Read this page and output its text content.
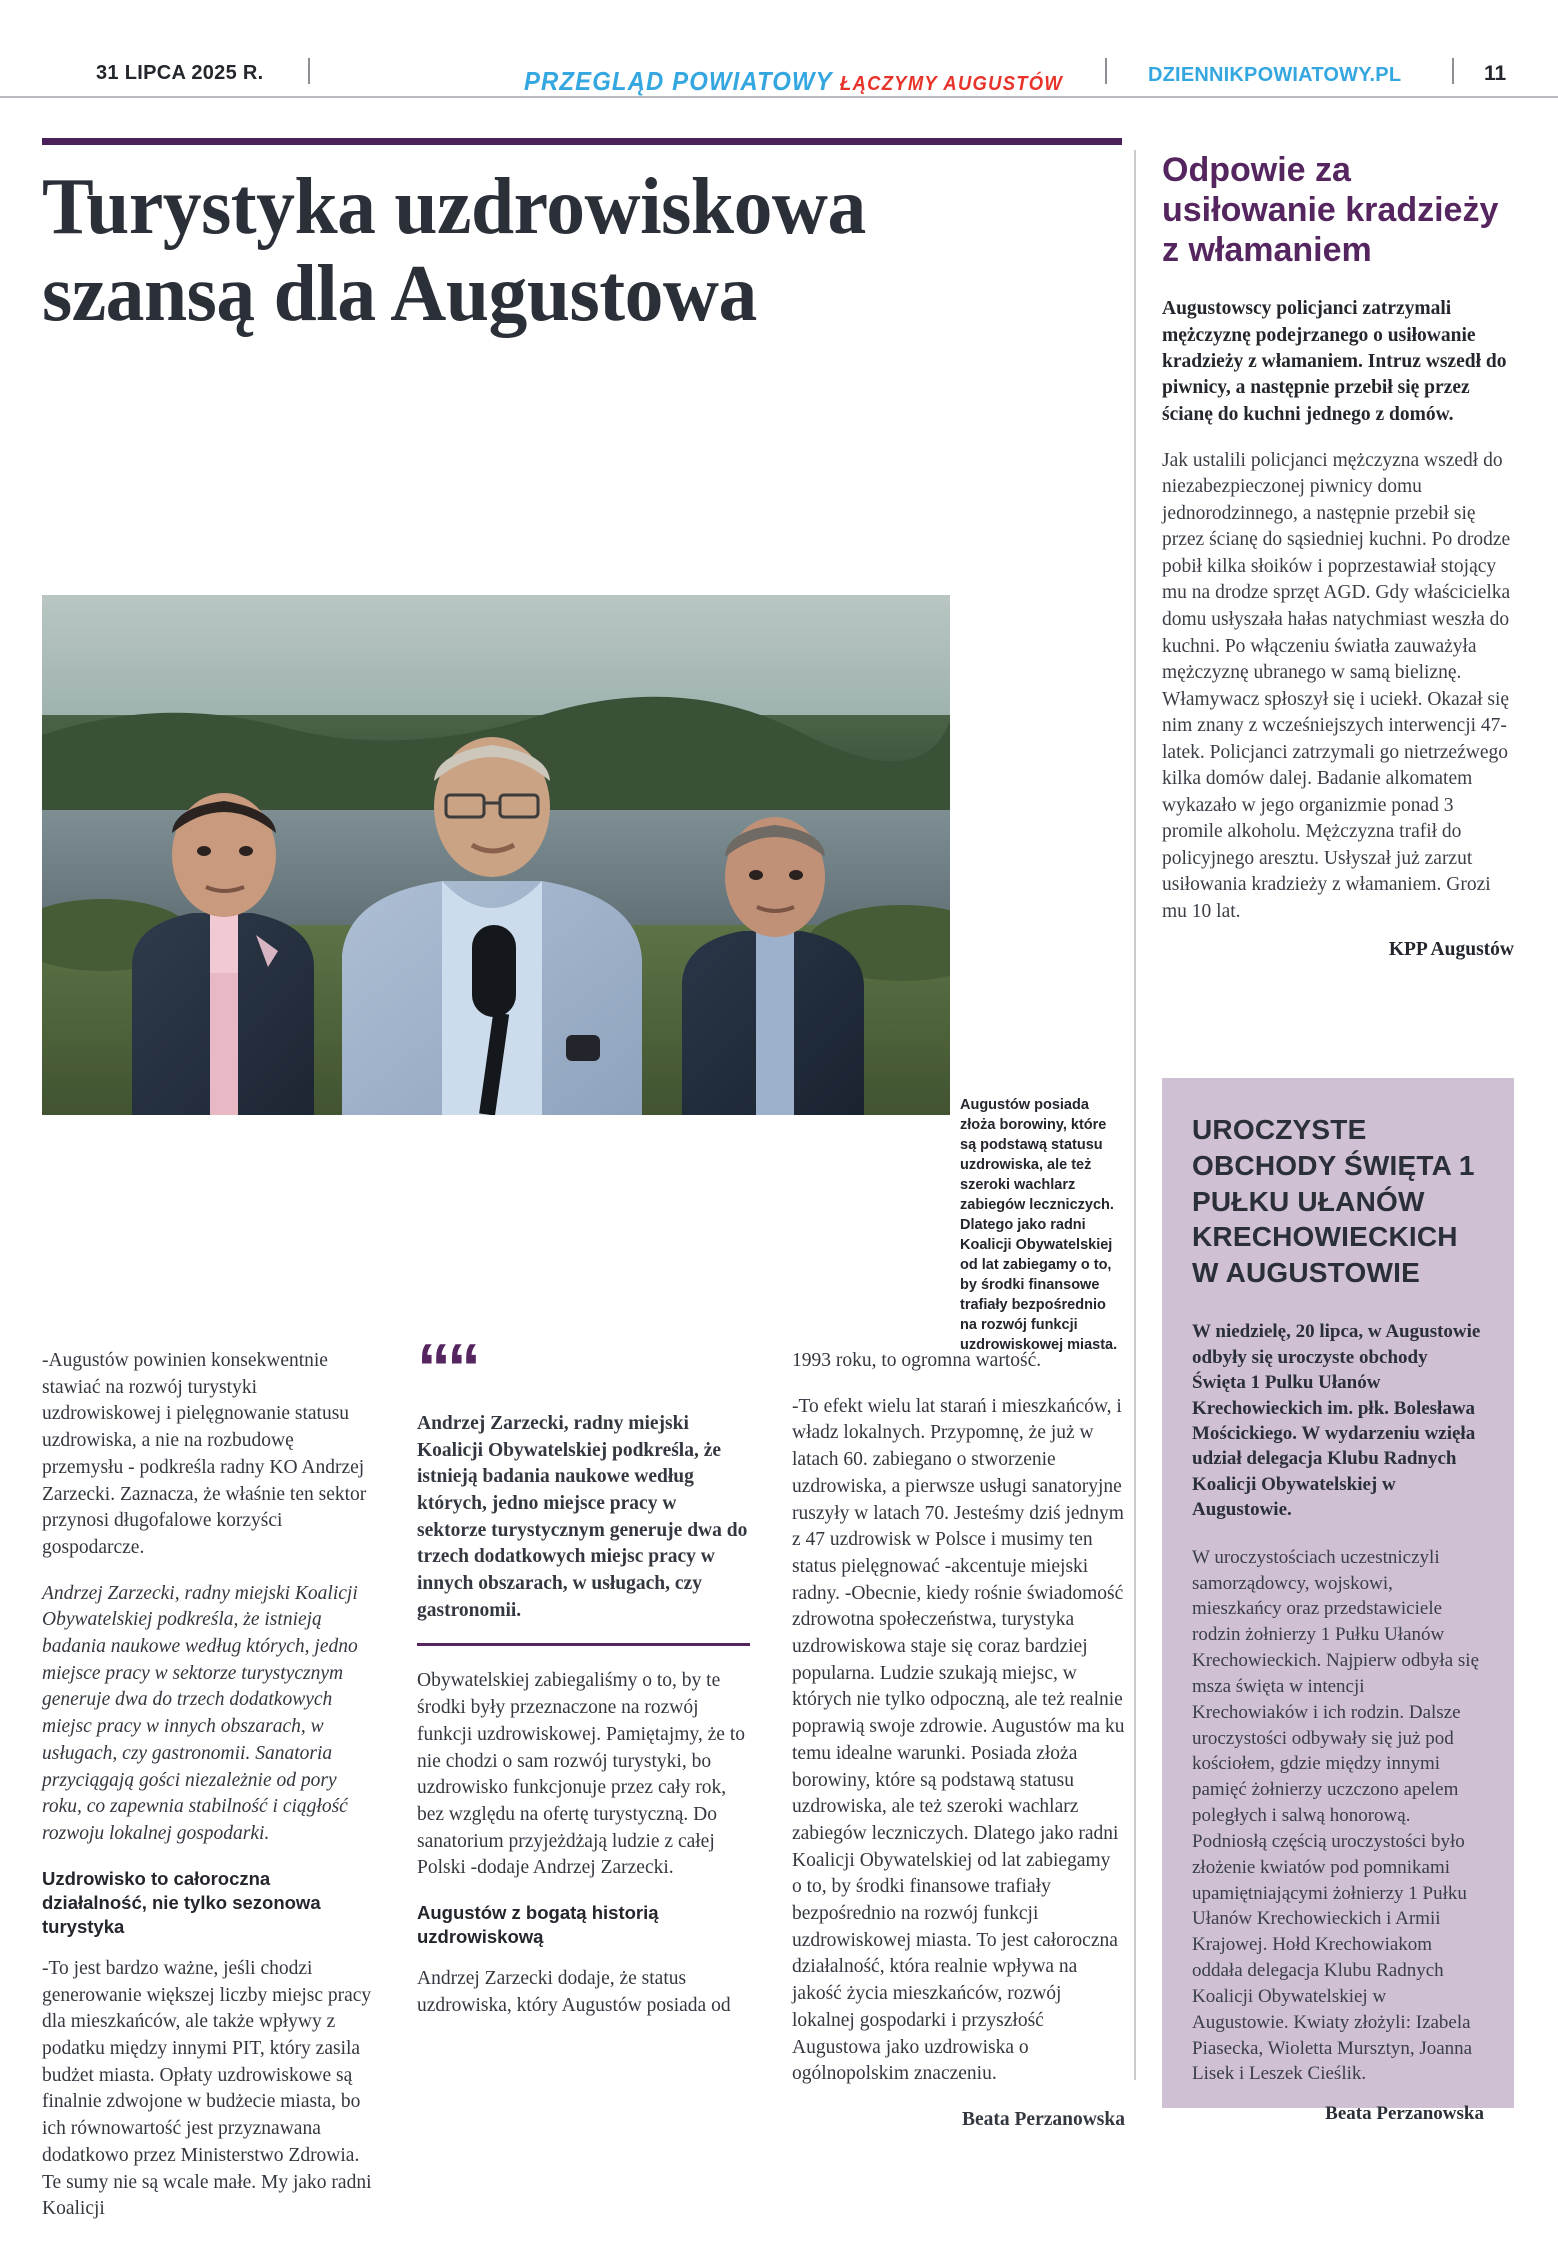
31 LIPCA 2025 R.	PRZEGLĄD POWIATOWY ŁĄCZYMY AUGUSTÓW	DZIENNIKPOWIATOWY.PL	11
Turystyka uzdrowiskowa szansą dla Augustowa
Augustów posiada złoża borowiny, które są podstawą statusu uzdrowiska, ale też szeroki wachlarz zabiegów leczniczych. Dlatego jako radni Koalicji Obywatelskiej od lat zabiegamy o to, by środki finansowe trafiały bezpośrednio na rozwój funkcji uzdrowiskowej miasta.

-Augustów powinien konsekwentnie stawiać na rozwój turystyki uzdrowiskowej i pielęgnowanie statusu uzdrowiska, a nie na rozbudowę przemysłu - podkreśla radny KO Andrzej Zarzecki. Zaznacza, że właśnie ten sektor przynosi długofalowe korzyści gospodarcze.

Andrzej Zarzecki, radny miejski Koalicji Obywatelskiej podkreśla, że istnieją badania naukowe według których, jedno miejsce pracy w sektorze turystycznym generuje dwa do trzech dodatkowych miejsc pracy w innych obszarach, w usługach, czy gastronomii. Sanatoria przyciągają gości niezależnie od pory roku, co zapewnia stabilność i ciągłość rozwoju lokalnej gospodarki.

Uzdrowisko to całoroczna działalność, nie tylko sezonowa turystyka

-To jest bardzo ważne, jeśli chodzi generowanie większej liczby miejsc pracy dla mieszkańców, ale także wpływy z podatku między innymi PIT, który zasila budżet miasta. Opłaty uzdrowiskowe są finalnie zdwojone w budżecie miasta, bo ich równowartość jest przyznawana dodatkowo przez Ministerstwo Zdrowia. Te sumy nie są wcale małe. My jako radni Koalicji

““

Andrzej Zarzecki, radny miejski Koalicji Obywatelskiej podkreśla, że istnieją badania naukowe według których, jedno miejsce pracy w sektorze turystycznym generuje dwa do trzech dodatkowych miejsc pracy w innych obszarach, w usługach, czy gastronomii.

Obywatelskiej zabiegaliśmy o to, by te środki były przeznaczone na rozwój funkcji uzdrowiskowej. Pamiętajmy, że to nie chodzi o sam rozwój turystyki, bo uzdrowisko funkcjonuje przez cały rok, bez względu na ofertę turystyczną. Do sanatorium przyjeżdżają ludzie z całej Polski -dodaje Andrzej Zarzecki.

Augustów z bogatą historią uzdrowiskową

Andrzej Zarzecki dodaje, że status uzdrowiska, który Augustów posiada od

1993 roku, to ogromna wartość.

-To efekt wielu lat starań i mieszkańców, i władz lokalnych. Przypomnę, że już w latach 60. zabiegano o stworzenie uzdrowiska, a pierwsze usługi sanatoryjne ruszyły w latach 70. Jesteśmy dziś jednym z 47 uzdrowisk w Polsce i musimy ten status pielęgnować -akcentuje miejski radny. -Obecnie, kiedy rośnie świadomość zdrowotna społeczeństwa, turystyka uzdrowiskowa staje się coraz bardziej popularna. Ludzie szukają miejsc, w których nie tylko odpoczną, ale też realnie poprawią swoje zdrowie. Augustów ma ku temu idealne warunki. Posiada złoża borowiny, które są podstawą statusu uzdrowiska, ale też szeroki wachlarz zabiegów leczniczych. Dlatego jako radni Koalicji Obywatelskiej od lat zabiegamy o to, by środki finansowe trafiały bezpośrednio na rozwój funkcji uzdrowiskowej miasta. To jest całoroczna działalność, która realnie wpływa na jakość życia mieszkańców, rozwój lokalnej gospodarki i przyszłość Augustowa jako uzdrowiska o ogólnopolskim znaczeniu.

Beata Perzanowska

Odpowie za usiłowanie kradzieży z włamaniem

Augustowscy policjanci zatrzymali mężczyznę podejrzanego o usiłowanie kradzieży z włamaniem. Intruz wszedł do piwnicy, a następnie przebił się przez ścianę do kuchni jednego z domów.

Jak ustalili policjanci mężczyzna wszedł do niezabezpieczonej piwnicy domu jednorodzinnego, a następnie przebił się przez ścianę do sąsiedniej kuchni. Po drodze pobił kilka słoików i poprzestawiał stojący mu na drodze sprzęt AGD. Gdy właścicielka domu usłyszała hałas natychmiast weszła do kuchni. Po włączeniu światła zauważyła mężczyznę ubranego w samą bieliznę. Włamywacz spłoszył się i uciekł. Okazał się nim znany z wcześniejszych interwencji 47-latek. Policjanci zatrzymali go nietrzeźwego kilka domów dalej. Badanie alkomatem wykazało w jego organizmie ponad 3 promile alkoholu. Mężczyzna trafił do policyjnego aresztu. Usłyszał już zarzut usiłowania kradzieży z włamaniem. Grozi mu 10 lat.

KPP Augustów

UROCZYSTE OBCHODY ŚWIĘTA 1 PUŁKU UŁANÓW KRECHOWIECKICH W AUGUSTOWIE

W niedzielę, 20 lipca, w Augustowie odbyły się uroczyste obchody Święta 1 Pulku Ułanów Krechowieckich im. płk. Bolesława Mościckiego. W wydarzeniu wzięła udział delegacja Klubu Radnych Koalicji Obywatelskiej w Augustowie.

W uroczystościach uczestniczyli samorządowcy, wojskowi, mieszkańcy oraz przedstawiciele rodzin żołnierzy 1 Pułku Ułanów Krechowieckich. Najpierw odbyła się msza święta w intencji Krechowiaków i ich rodzin. Dalsze uroczystości odbywały się już pod kościołem, gdzie między innymi pamięć żołnierzy uczczono apelem poległych i salwą honorową. Podniosłą częścią uroczystości było złożenie kwiatów pod pomnikami upamiętniającymi żołnierzy 1 Pułku Ułanów Krechowieckich i Armii Krajowej. Hołd Krechowiakom oddała delegacja Klubu Radnych Koalicji Obywatelskiej w Augustowie. Kwiaty złożyli: Izabela Piasecka, Wioletta Mursztyn, Joanna Lisek i Leszek Cieślik.

Beata Perzanowska
